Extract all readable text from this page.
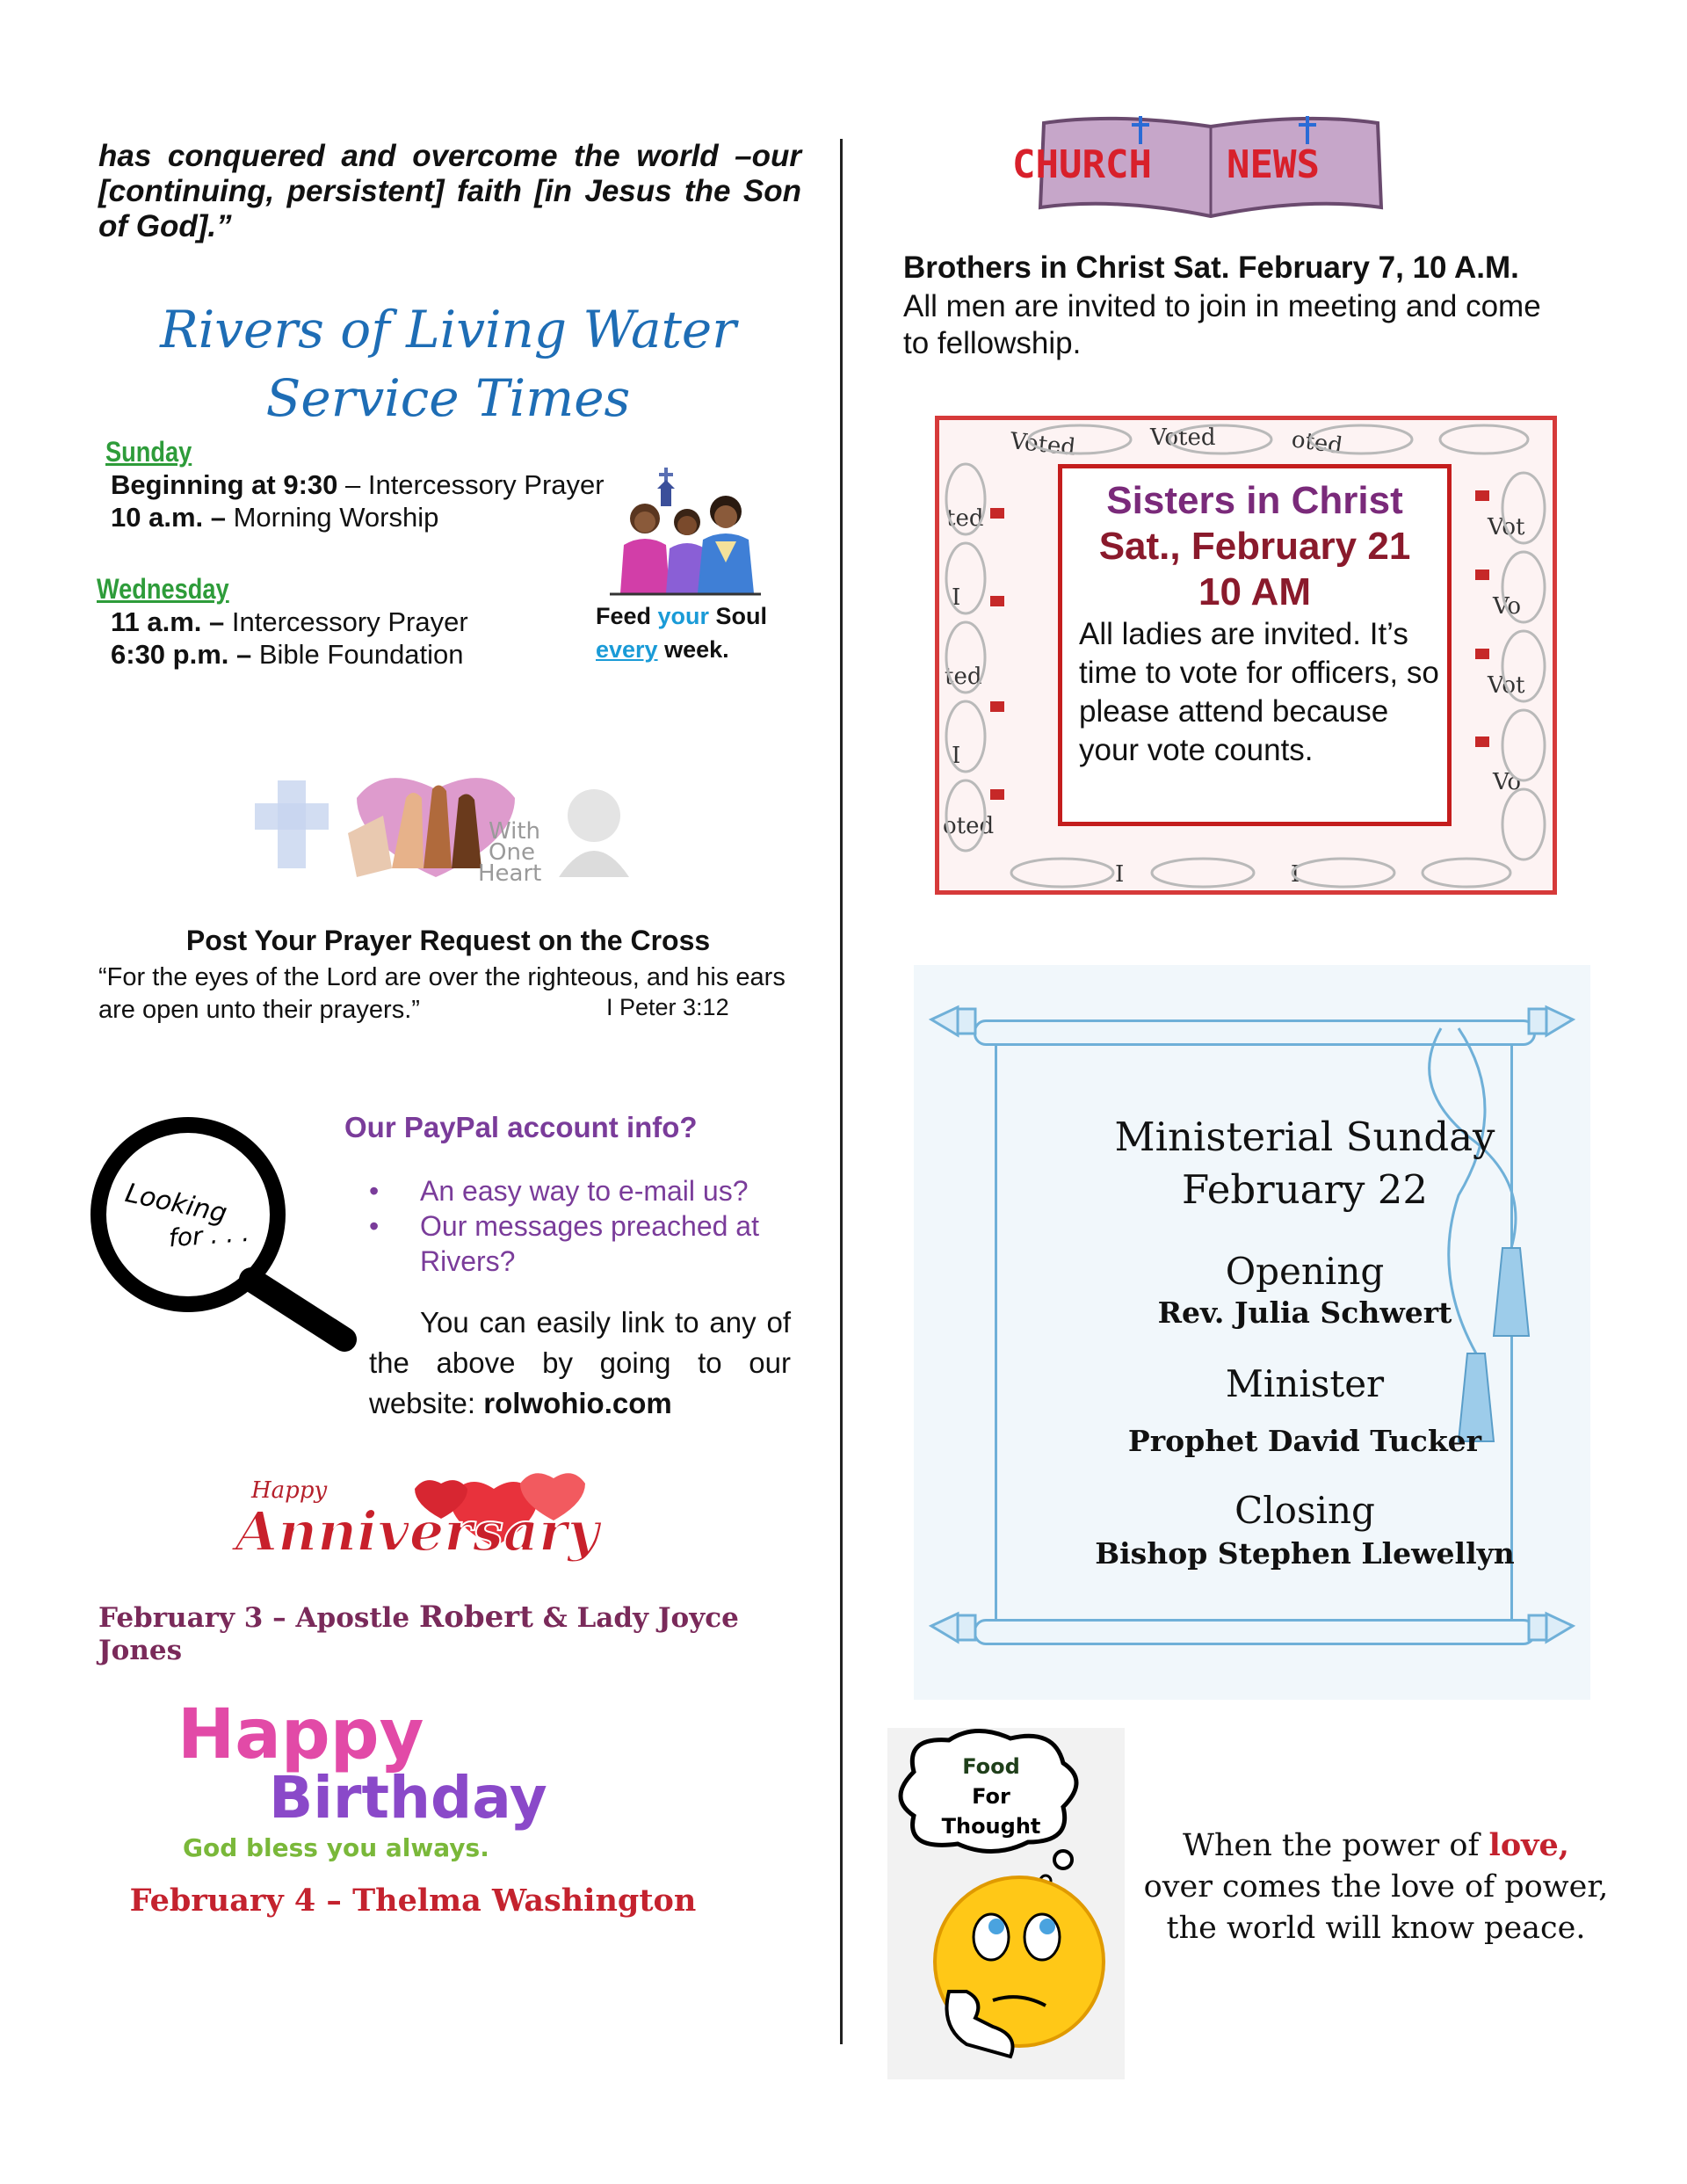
has conquered and overcome the world –our [continuing, persistent] faith [in Jesus the Son of God].”
Rivers of Living Water
Service Times
Sunday
Beginning at 9:30 – Intercessory Prayer
10 a.m. – Morning Worship
Wednesday
11 a.m. – Intercessory Prayer
6:30 p.m. – Bible Foundation
Feed your Soul
every week.
With
One
Heart
Post Your Prayer Request on the Cross
“For the eyes of the Lord are over the righteous, and his ears are open unto their prayers.”	I Peter 3:12
Looking
for . . .
Our PayPal account info?
• An easy way to e-mail us?
• Our messages preached at Rivers?
You can easily link to any of the above by going to our website: rolwohio.com
Happy
Anniversary
February 3 – Apostle Robert & Lady Joyce Jones
Happy
Birthday
God bless you always.
February 4 – Thelma Washington
CHURCH NEWS
Brothers in Christ Sat. February 7, 10 A.M.
All men are invited to join in meeting and come to fellowship.
Voted	Voted	oted
ted
I
ted
I
oted
Vot
Vo
Vot
Vo
I	I
Sisters in Christ
Sat., February 21
10 AM
All ladies are invited. It’s time to vote for officers, so please attend because your vote counts.
Ministerial Sunday
February 22
Opening
Rev. Julia Schwert
Minister
Prophet David Tucker
Closing
Bishop Stephen Llewellyn
Food
For
Thought
When the power of love,
over comes the love of power,
the world will know peace.
